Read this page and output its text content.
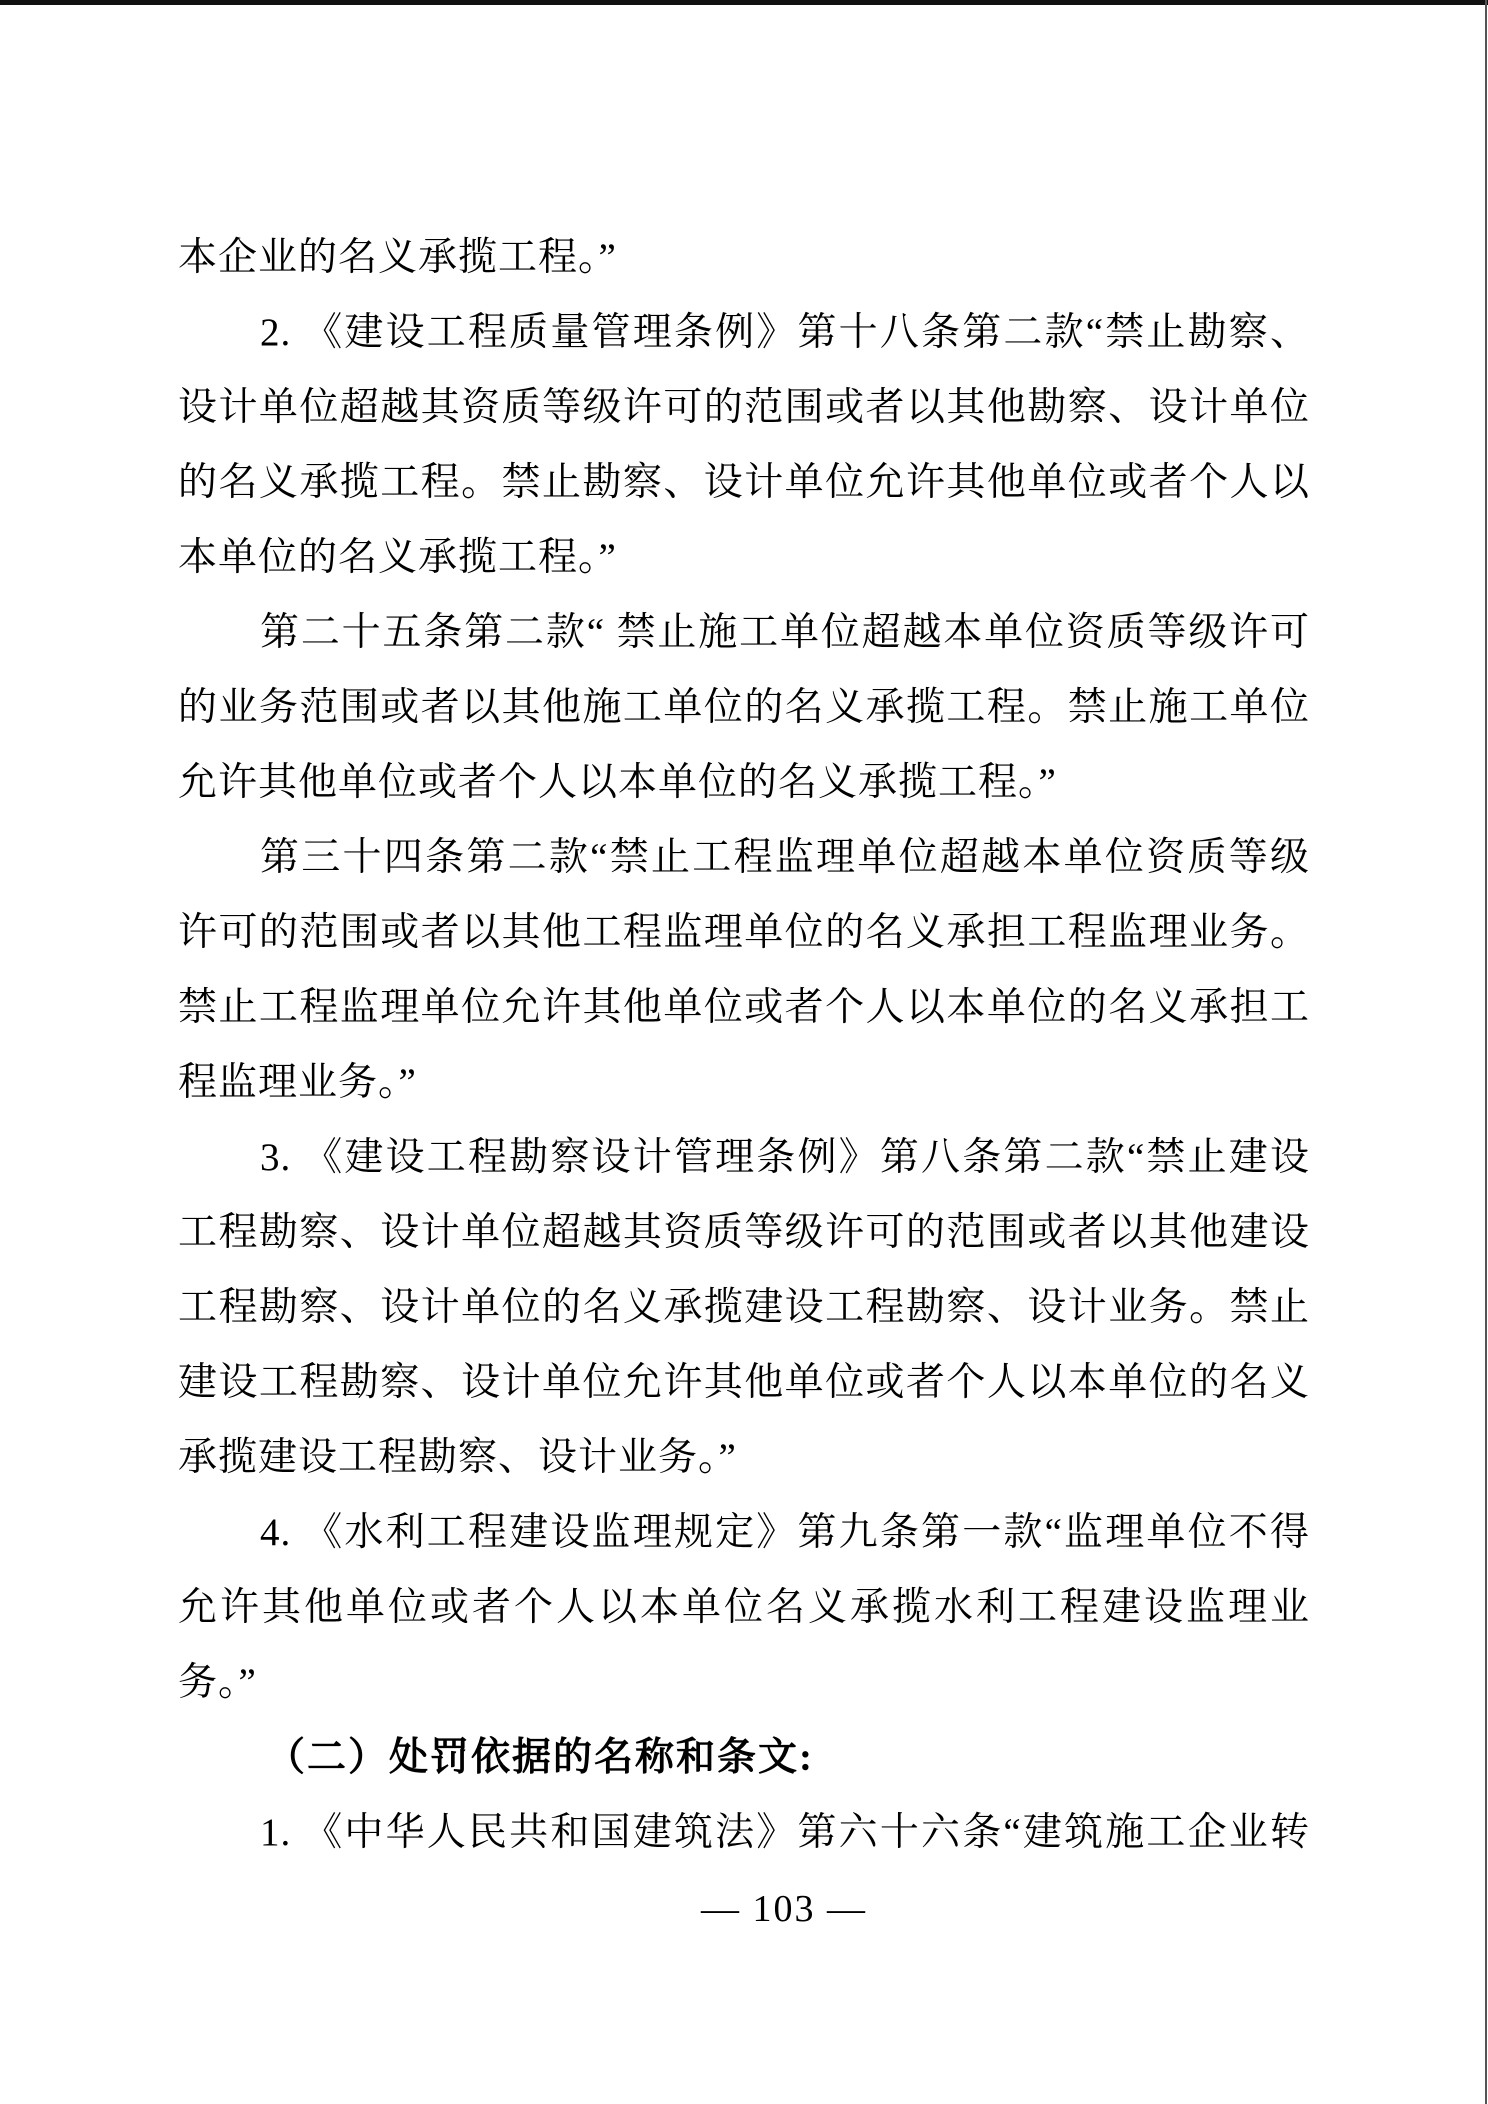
本企业的名义承揽工程。”
2. 《建设工程质量管理条例》第十八条第二款“禁止勘察、
设计单位超越其资质等级许可的范围或者以其他勘察、设计单位
的名义承揽工程。禁止勘察、设计单位允许其他单位或者个人以
本单位的名义承揽工程。”
第二十五条第二款“ 禁止施工单位超越本单位资质等级许可
的业务范围或者以其他施工单位的名义承揽工程。禁止施工单位
允许其他单位或者个人以本单位的名义承揽工程。”
第三十四条第二款“禁止工程监理单位超越本单位资质等级
许可的范围或者以其他工程监理单位的名义承担工程监理业务。
禁止工程监理单位允许其他单位或者个人以本单位的名义承担工
程监理业务。”
3. 《建设工程勘察设计管理条例》第八条第二款“禁止建设
工程勘察、设计单位超越其资质等级许可的范围或者以其他建设
工程勘察、设计单位的名义承揽建设工程勘察、设计业务。禁止
建设工程勘察、设计单位允许其他单位或者个人以本单位的名义
承揽建设工程勘察、设计业务。”
4. 《水利工程建设监理规定》第九条第一款“监理单位不得
允许其他单位或者个人以本单位名义承揽水利工程建设监理业
务。”
（二）处罚依据的名称和条文:
1. 《中华人民共和国建筑法》第六十六条“建筑施工企业转
— 103 —
